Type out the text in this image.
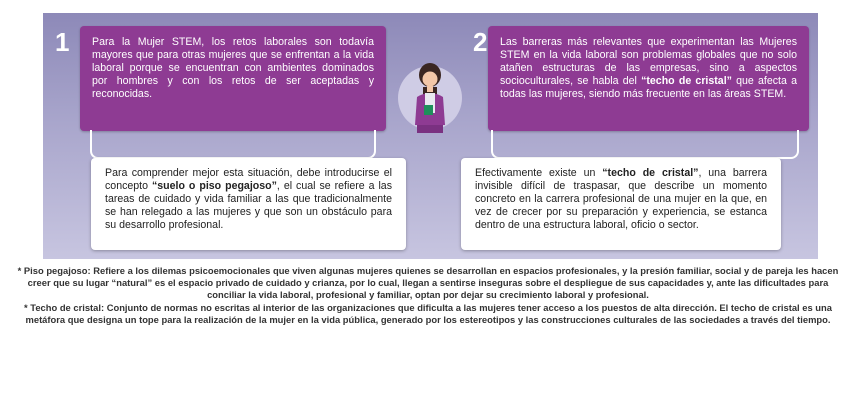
1	Para la Mujer STEM, los retos laborales son todavía mayores que para otras mujeres que se enfrentan a la vida laboral porque se encuentran con ambientes dominados por hombres y con los retos de ser aceptadas y reconocidas.
Para comprender mejor esta situación, debe introducirse el concepto “suelo o piso pegajoso”, el cual se refiere a las tareas de cuidado y vida familiar a las que tradicionalmente se han relegado a las mujeres y que son un obstáculo para su desarrollo profesional.
2	Las barreras más relevantes que experimentan las Mujeres STEM en la vida laboral son problemas globales que no solo atañen estructuras de las empresas, sino a aspectos socioculturales, se habla del “techo de cristal” que afecta a todas las mujeres, siendo más frecuente en las áreas STEM.
Efectivamente existe un “techo de cristal”, una barrera invisible difícil de traspasar, que describe un momento concreto en la carrera profesional de una mujer en la que, en vez de crecer por su preparación y experiencia, se estanca dentro de una estructura laboral, oficio o sector.

* Piso pegajoso: Refiere a los dilemas psicoemocionales que viven algunas mujeres quienes se desarrollan en espacios profesionales, y la presión familiar, social y de pareja les hacen creer que su lugar “natural” es el espacio privado de cuidado y crianza, por lo cual, llegan a sentirse inseguras sobre el despliegue de sus capacidades y, ante las dificultades para conciliar la vida laboral, profesional y familiar, optan por dejar su crecimiento laboral y profesional.

* Techo de cristal: Conjunto de normas no escritas al interior de las organizaciones que dificulta a las mujeres tener acceso a los puestos de alta dirección. El techo de cristal es una metáfora que designa un tope para la realización de la mujer en la vida pública, generado por los estereotipos y las construcciones culturales de las sociedades a través del tiempo.
